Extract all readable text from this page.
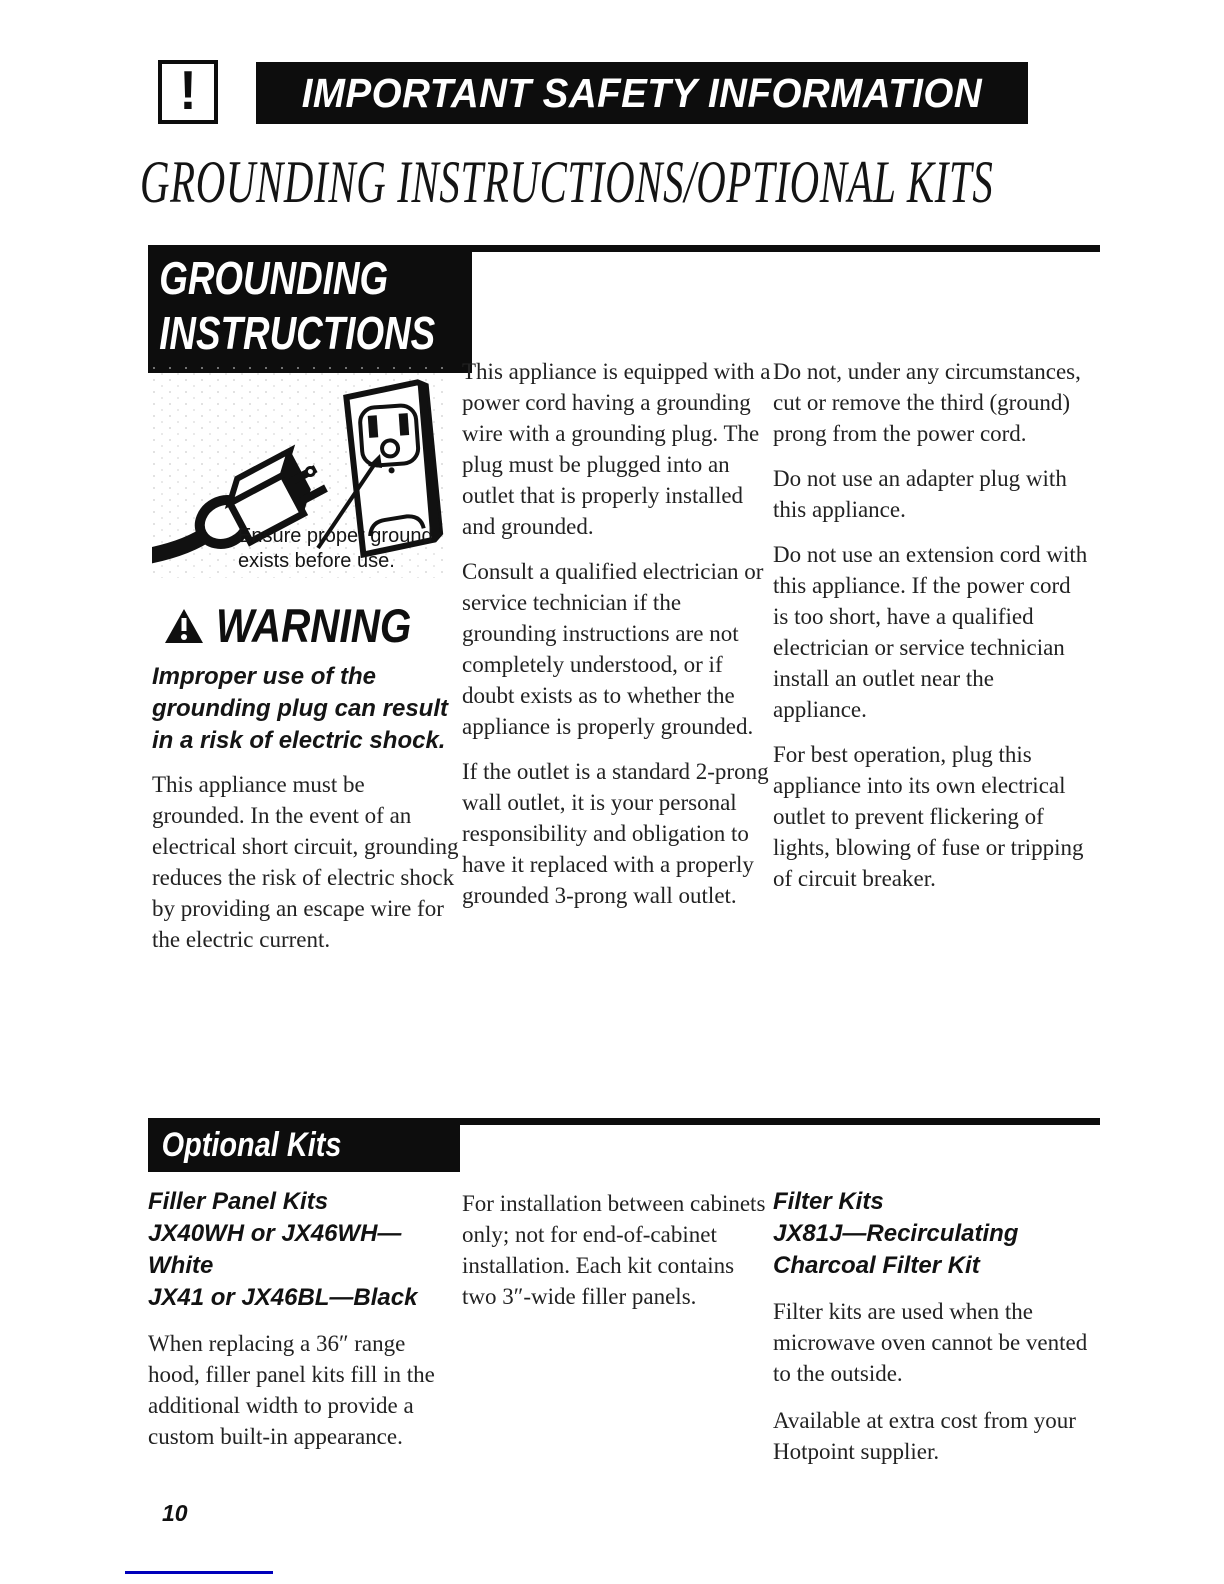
!	IMPORTANT SAFETY INFORMATION
GROUNDING INSTRUCTIONS/OPTIONAL KITS
GROUNDING
INSTRUCTIONS
Ensure proper ground
exists before use.
WARNING
Improper use of the grounding plug can result in a risk of electric shock.
This appliance must be grounded. In the event of an electrical short circuit, grounding reduces the risk of electric shock by providing an escape wire for the electric current.

This appliance is equipped with a power cord having a grounding wire with a grounding plug. The plug must be plugged into an outlet that is properly installed and grounded.

Consult a qualified electrician or service technician if the grounding instructions are not completely understood, or if doubt exists as to whether the appliance is properly grounded.

If the outlet is a standard 2-prong wall outlet, it is your personal responsibility and obligation to have it replaced with a properly grounded 3-prong wall outlet.

Do not, under any circumstances, cut or remove the third (ground) prong from the power cord.

Do not use an adapter plug with this appliance.

Do not use an extension cord with this appliance. If the power cord is too short, have a qualified electrician or service technician install an outlet near the appliance.

For best operation, plug this appliance into its own electrical outlet to prevent flickering of lights, blowing of fuse or tripping of circuit breaker.

Optional Kits
Filler Panel Kits
JX40WH or JX46WH—White
JX41 or JX46BL—Black

When replacing a 36″ range hood, filler panel kits fill in the additional width to provide a custom built-in appearance.

For installation between cabinets only; not for end-of-cabinet installation. Each kit contains two 3″-wide filler panels.

Filter Kits
JX81J—Recirculating
Charcoal Filter Kit

Filter kits are used when the microwave oven cannot be vented to the outside.

Available at extra cost from your Hotpoint supplier.

10
